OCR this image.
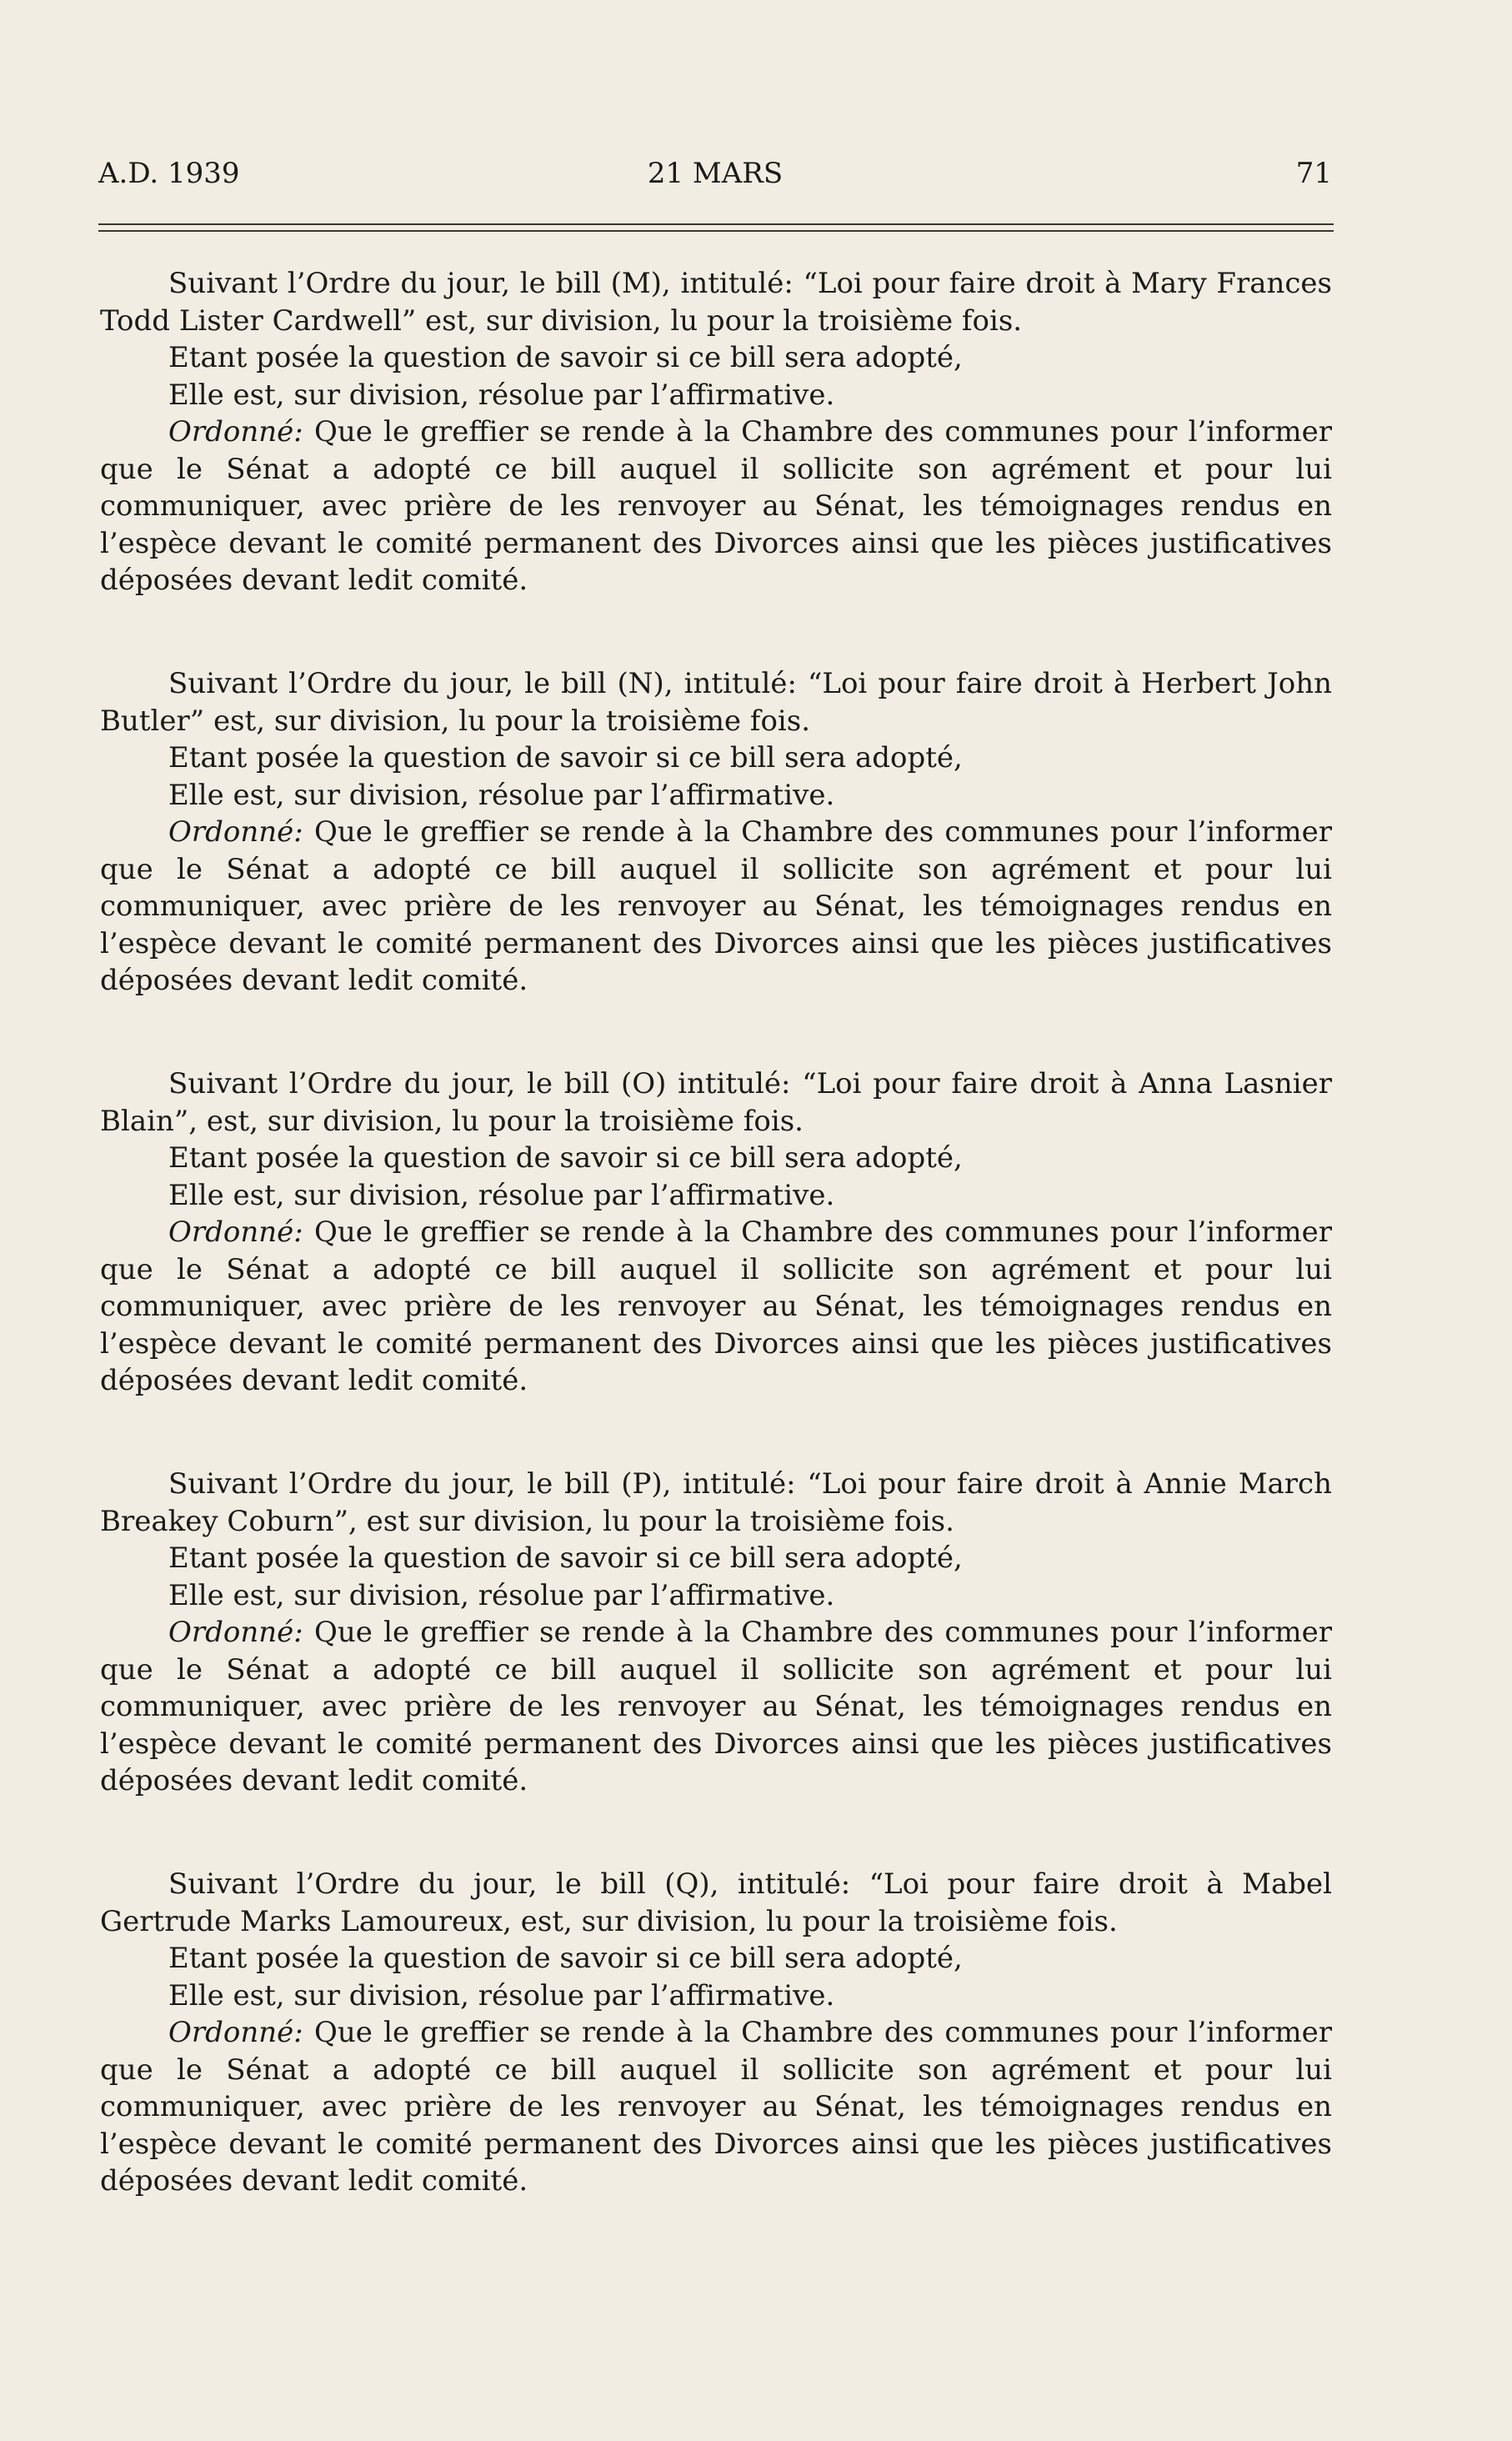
A.D. 1939	21 MARS	71

Suivant l’Ordre du jour, le bill (M), intitulé: “Loi pour faire droit à Mary Frances Todd Lister Cardwell” est, sur division, lu pour la troisième fois.

Etant posée la question de savoir si ce bill sera adopté,

Elle est, sur division, résolue par l’affirmative.

Ordonné: Que le greffier se rende à la Chambre des communes pour l’informer que le Sénat a adopté ce bill auquel il sollicite son agrément et pour lui communiquer, avec prière de les renvoyer au Sénat, les témoignages rendus en l’espèce devant le comité permanent des Divorces ainsi que les pièces justificatives déposées devant ledit comité.

Suivant l’Ordre du jour, le bill (N), intitulé: “Loi pour faire droit à Herbert John Butler” est, sur division, lu pour la troisième fois.

Etant posée la question de savoir si ce bill sera adopté,

Elle est, sur division, résolue par l’affirmative.

Ordonné: Que le greffier se rende à la Chambre des communes pour l’informer que le Sénat a adopté ce bill auquel il sollicite son agrément et pour lui communiquer, avec prière de les renvoyer au Sénat, les témoignages rendus en l’espèce devant le comité permanent des Divorces ainsi que les pièces justificatives déposées devant ledit comité.

Suivant l’Ordre du jour, le bill (O) intitulé: “Loi pour faire droit à Anna Lasnier Blain”, est, sur division, lu pour la troisième fois.

Etant posée la question de savoir si ce bill sera adopté,

Elle est, sur division, résolue par l’affirmative.

Ordonné: Que le greffier se rende à la Chambre des communes pour l’informer que le Sénat a adopté ce bill auquel il sollicite son agrément et pour lui communiquer, avec prière de les renvoyer au Sénat, les témoignages rendus en l’espèce devant le comité permanent des Divorces ainsi que les pièces justificatives déposées devant ledit comité.

Suivant l’Ordre du jour, le bill (P), intitulé: “Loi pour faire droit à Annie March Breakey Coburn”, est sur division, lu pour la troisième fois.

Etant posée la question de savoir si ce bill sera adopté,

Elle est, sur division, résolue par l’affirmative.

Ordonné: Que le greffier se rende à la Chambre des communes pour l’informer que le Sénat a adopté ce bill auquel il sollicite son agrément et pour lui communiquer, avec prière de les renvoyer au Sénat, les témoignages rendus en l’espèce devant le comité permanent des Divorces ainsi que les pièces justificatives déposées devant ledit comité.

Suivant l’Ordre du jour, le bill (Q), intitulé: “Loi pour faire droit à Mabel Gertrude Marks Lamoureux, est, sur division, lu pour la troisième fois.

Etant posée la question de savoir si ce bill sera adopté,

Elle est, sur division, résolue par l’affirmative.

Ordonné: Que le greffier se rende à la Chambre des communes pour l’informer que le Sénat a adopté ce bill auquel il sollicite son agrément et pour lui communiquer, avec prière de les renvoyer au Sénat, les témoignages rendus en l’espèce devant le comité permanent des Divorces ainsi que les pièces justificatives déposées devant ledit comité.
